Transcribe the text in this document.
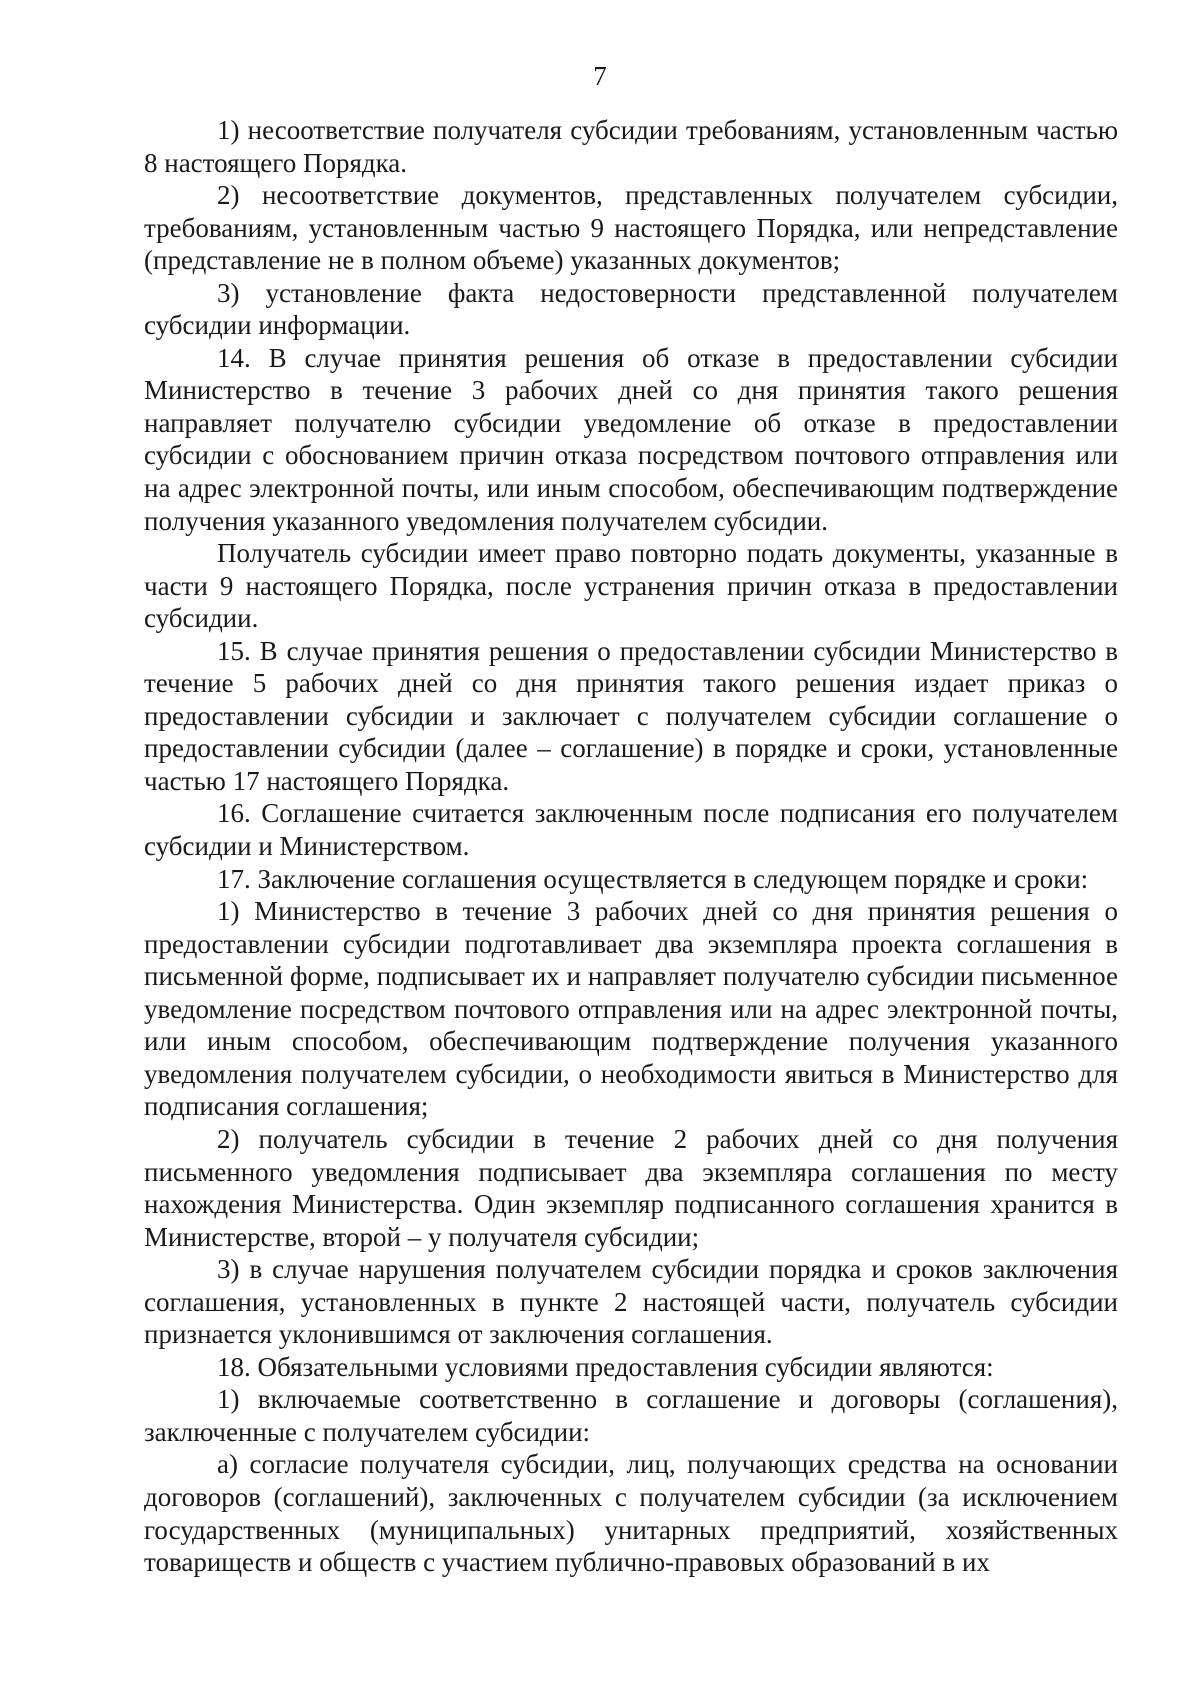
7

1) несоответствие получателя субсидии требованиям, установленным частью 8 настоящего Порядка.

2) несоответствие документов, представленных получателем субсидии, требованиям, установленным частью 9 настоящего Порядка, или непредставление (представление не в полном объеме) указанных документов;

3) установление факта недостоверности представленной получателем субсидии информации.

14. В случае принятия решения об отказе в предоставлении субсидии Министерство в течение 3 рабочих дней со дня принятия такого решения направляет получателю субсидии уведомление об отказе в предоставлении субсидии с обоснованием причин отказа посредством почтового отправления или на адрес электронной почты, или иным способом, обеспечивающим подтверждение получения указанного уведомления получателем субсидии.

Получатель субсидии имеет право повторно подать документы, указанные в части 9 настоящего Порядка, после устранения причин отказа в предоставлении субсидии.

15. В случае принятия решения о предоставлении субсидии Министерство в течение 5 рабочих дней со дня принятия такого решения издает приказ о предоставлении субсидии и заключает с получателем субсидии соглашение о предоставлении субсидии (далее – соглашение) в порядке и сроки, установленные частью 17 настоящего Порядка.

16. Соглашение считается заключенным после подписания его получателем субсидии и Министерством.

17. Заключение соглашения осуществляется в следующем порядке и сроки:

1) Министерство в течение 3 рабочих дней со дня принятия решения о предоставлении субсидии подготавливает два экземпляра проекта соглашения в письменной форме, подписывает их и направляет получателю субсидии письменное уведомление посредством почтового отправления или на адрес электронной почты, или иным способом, обеспечивающим подтверждение получения указанного уведомления получателем субсидии, о необходимости явиться в Министерство для подписания соглашения;

2) получатель субсидии в течение 2 рабочих дней со дня получения письменного уведомления подписывает два экземпляра соглашения по месту нахождения Министерства. Один экземпляр подписанного соглашения хранится в Министерстве, второй – у получателя субсидии;

3) в случае нарушения получателем субсидии порядка и сроков заключения соглашения, установленных в пункте 2 настоящей части, получатель субсидии признается уклонившимся от заключения соглашения.

18. Обязательными условиями предоставления субсидии являются:

1) включаемые соответственно в соглашение и договоры (соглашения), заключенные с получателем субсидии:

а) согласие получателя субсидии, лиц, получающих средства на основании договоров (соглашений), заключенных с получателем субсидии (за исключением государственных (муниципальных) унитарных предприятий, хозяйственных товариществ и обществ с участием публично-правовых образований в их
